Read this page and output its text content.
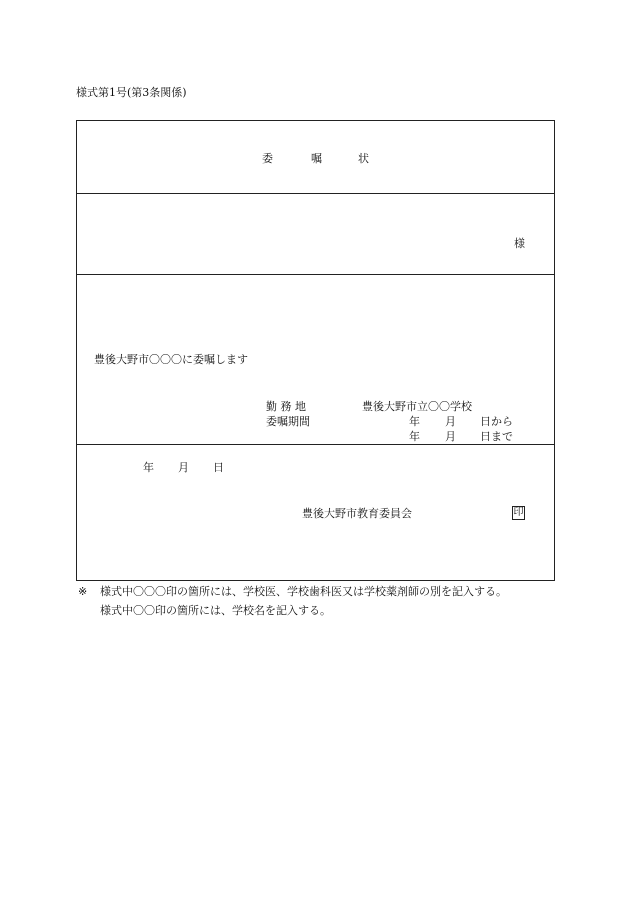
様式第1号(第3条関係)
委	嘱	状
様
豊後大野市〇〇〇に委嘱します
勤 務 地	豊後大野市立〇〇学校
委嘱期間	年 月 日から
年 月 日まで
年 月 日
豊後大野市教育委員会	印
※ 様式中〇〇〇印の箇所には、学校医、学校歯科医又は学校薬剤師の別を記入する。
様式中〇〇印の箇所には、学校名を記入する。
